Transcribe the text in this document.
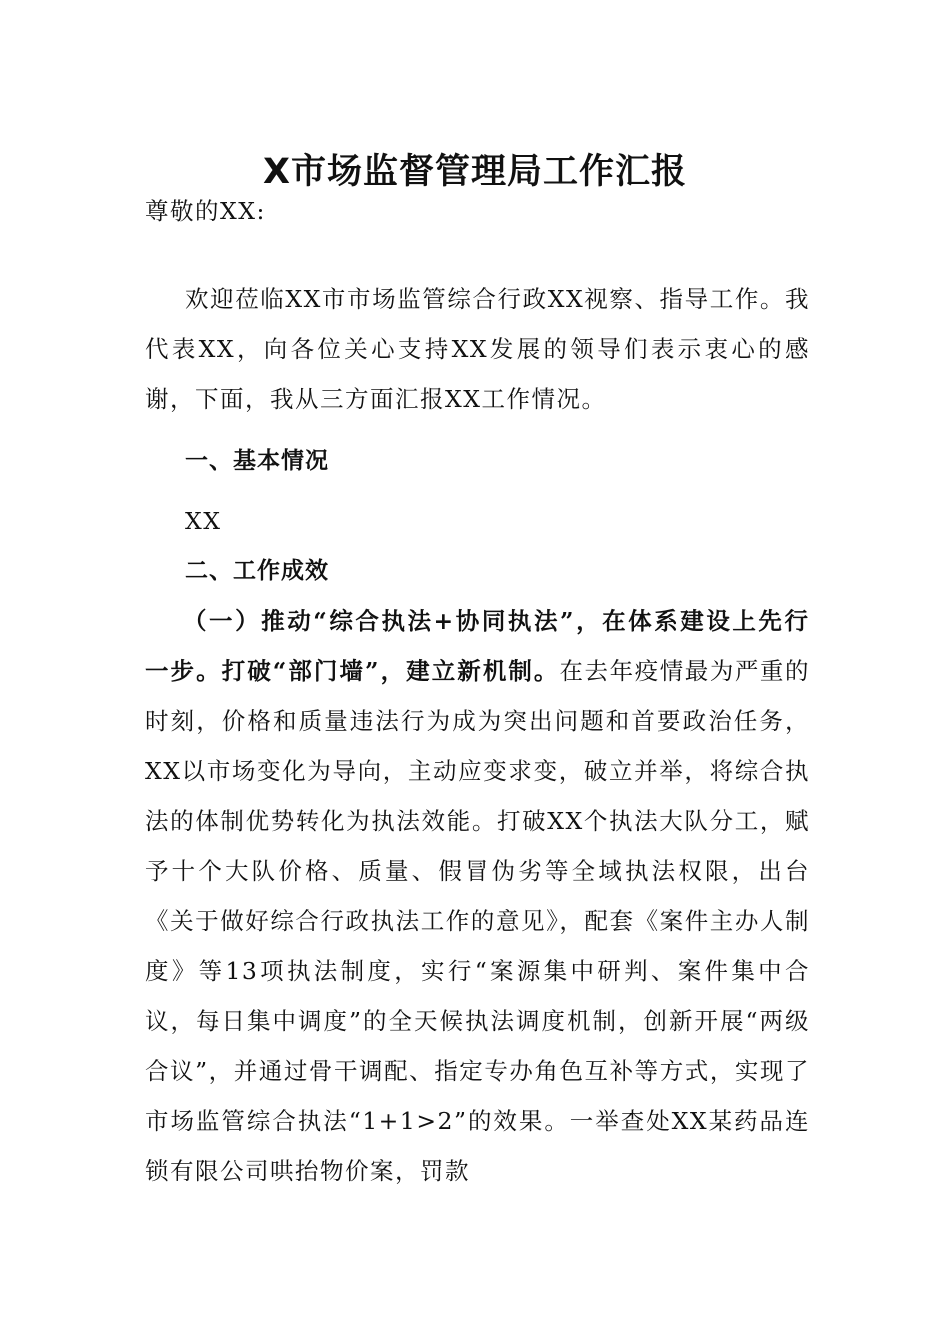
X市场监督管理局工作汇报

尊敬的XX:

欢迎莅临XX市市场监管综合行政XX视察、指导工作。我代表XX，向各位关心支持XX发展的领导们表示衷心的感谢，下面，我从三方面汇报XX工作情况。

一、基本情况

XX

二、工作成效

（一）推动“综合执法+协同执法”，在体系建设上先行一步。打破“部门墙”，建立新机制。在去年疫情最为严重的时刻，价格和质量违法行为成为突出问题和首要政治任务，XX以市场变化为导向，主动应变求变，破立并举，将综合执法的体制优势转化为执法效能。打破XX个执法大队分工，赋予十个大队价格、质量、假冒伪劣等全域执法权限，出台《关于做好综合行政执法工作的意见》，配套《案件主办人制度》等13项执法制度，实行“案源集中研判、案件集中合议，每日集中调度”的全天候执法调度机制，创新开展“两级合议”，并通过骨干调配、指定专办角色互补等方式，实现了市场监管综合执法“1+1>2”的效果。一举查处XX某药品连锁有限公司哄抬物价案，罚款
